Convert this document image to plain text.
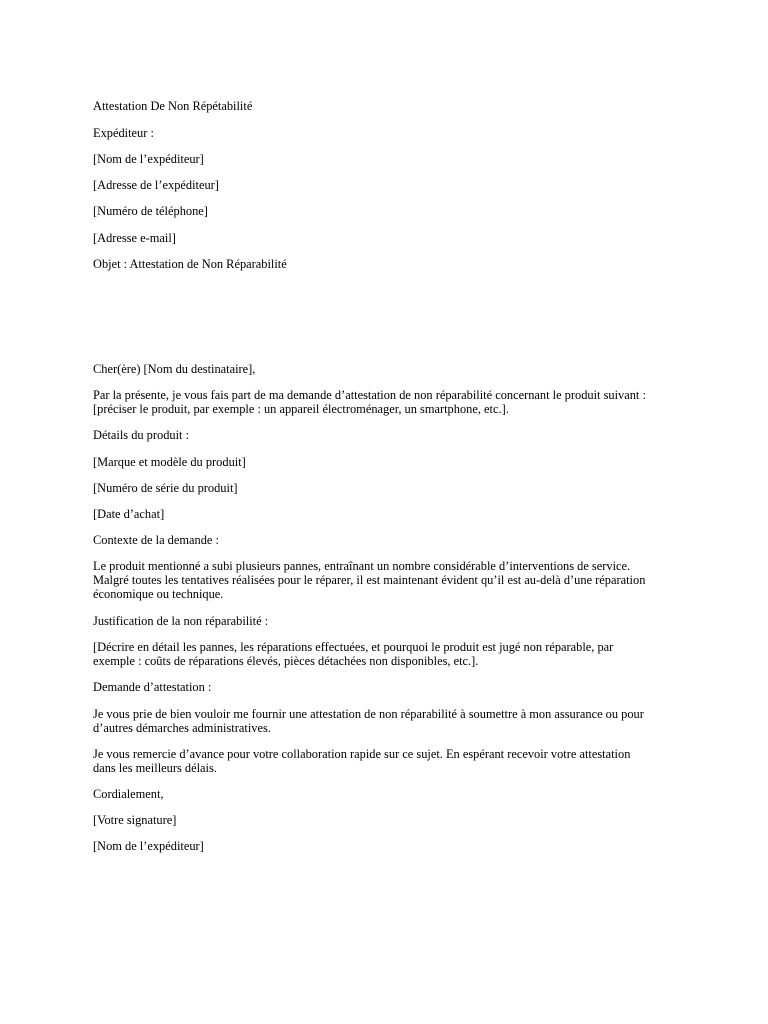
Attestation De Non Répétabilité

Expéditeur :

[Nom de l’expéditeur]

[Adresse de l’expéditeur]

[Numéro de téléphone]

[Adresse e-mail]

Objet : Attestation de Non Réparabilité

Cher(ère) [Nom du destinataire],

Par la présente, je vous fais part de ma demande d’attestation de non réparabilité concernant le produit suivant :
[préciser le produit, par exemple : un appareil électroménager, un smartphone, etc.].

Détails du produit :

[Marque et modèle du produit]

[Numéro de série du produit]

[Date d’achat]

Contexte de la demande :

Le produit mentionné a subi plusieurs pannes, entraînant un nombre considérable d’interventions de service.
Malgré toutes les tentatives réalisées pour le réparer, il est maintenant évident qu’il est au-delà d’une réparation
économique ou technique.

Justification de la non réparabilité :

[Décrire en détail les pannes, les réparations effectuées, et pourquoi le produit est jugé non réparable, par
exemple : coûts de réparations élevés, pièces détachées non disponibles, etc.].

Demande d’attestation :

Je vous prie de bien vouloir me fournir une attestation de non réparabilité à soumettre à mon assurance ou pour
d’autres démarches administratives.
Je vous remercie d’avance pour votre collaboration rapide sur ce sujet. En espérant recevoir votre attestation
dans les meilleurs délais.

Cordialement,

[Votre signature]

[Nom de l’expéditeur]
